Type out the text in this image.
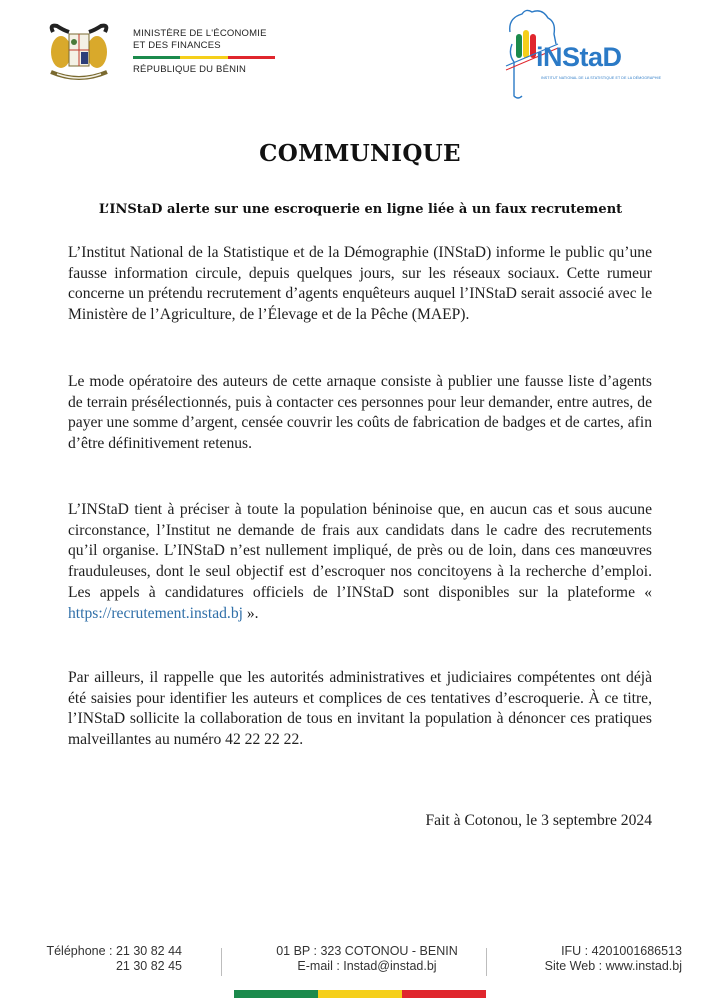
MINISTÈRE DE L'ÉCONOMIE
ET DES FINANCES
RÉPUBLIQUE DU BÉNIN	iNStaD
INSTITUT NATIONAL DE LA STATISTIQUE ET DE LA DÉMOGRAPHIE
COMMUNIQUE
L’INStaD alerte sur une escroquerie en ligne liée à un faux recrutement

L’Institut National de la Statistique et de la Démographie (INStaD) informe le public qu’une fausse information circule, depuis quelques jours, sur les réseaux sociaux. Cette rumeur concerne un prétendu recrutement d’agents enquêteurs auquel l’INStaD serait associé avec le Ministère de l’Agriculture, de l’Élevage et de la Pêche (MAEP).

Le mode opératoire des auteurs de cette arnaque consiste à publier une fausse liste d’agents de terrain présélectionnés, puis à contacter ces personnes pour leur demander, entre autres, de payer une somme d’argent, censée couvrir les coûts de fabrication de badges et de cartes, afin d’être définitivement retenus.

L’INStaD tient à préciser à toute la population béninoise que, en aucun cas et sous aucune circonstance, l’Institut ne demande de frais aux candidats dans le cadre des recrutements qu’il organise. L’INStaD n’est nullement impliqué, de près ou de loin, dans ces manœuvres frauduleuses, dont le seul objectif est d’escroquer nos concitoyens à la recherche d’emploi. Les appels à candidatures officiels de l’INStaD sont disponibles sur la plateforme « https://recrutement.instad.bj ».

Par ailleurs, il rappelle que les autorités administratives et judiciaires compétentes ont déjà été saisies pour identifier les auteurs et complices de ces tentatives d’escroquerie. À ce titre, l’INStaD sollicite la collaboration de tous en invitant la population à dénoncer ces pratiques malveillantes au numéro 42 22 22 22.

Fait à Cotonou, le 3 septembre 2024
Téléphone : 21 30 82 44
21 30 82 45
01 BP : 323 COTONOU - BENIN
E-mail : Instad@instad.bj
IFU : 4201001686513
Site Web : www.instad.bj
